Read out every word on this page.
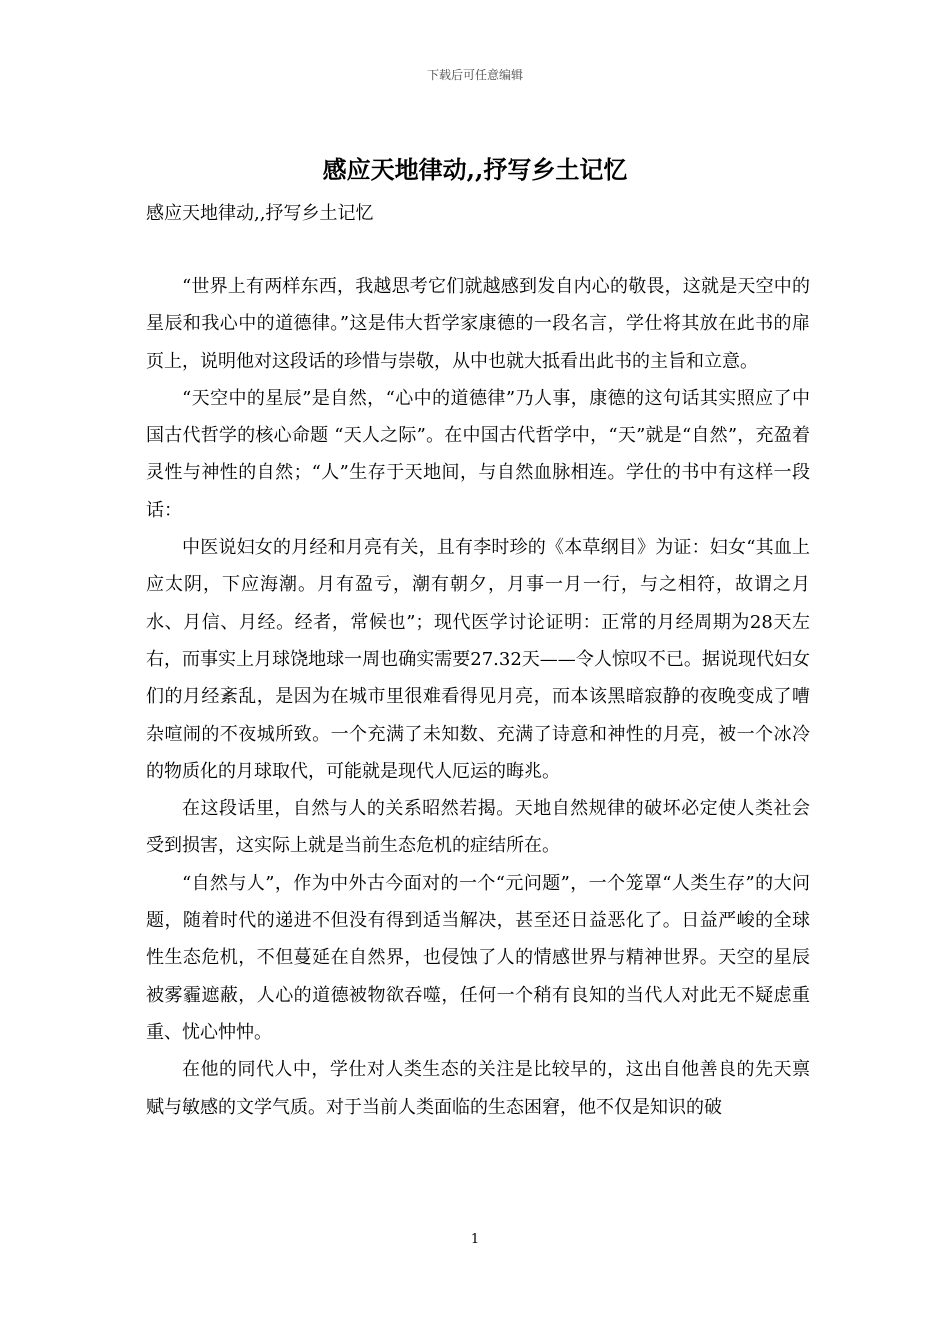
下载后可任意编辑
感应天地律动,,抒写乡土记忆
感应天地律动,,抒写乡土记忆

“世界上有两样东西，我越思考它们就越感到发自内心的敬畏，这就是天空中的星辰和我心中的道德律。”这是伟大哲学家康德的一段名言，学仕将其放在此书的扉页上，说明他对这段话的珍惜与崇敬，从中也就大抵看出此书的主旨和立意。

“天空中的星辰”是自然，“心中的道德律”乃人事，康德的这句话其实照应了中国古代哲学的核心命题 “天人之际”。在中国古代哲学中，“天”就是“自然”，充盈着灵性与神性的自然；“人”生存于天地间，与自然血脉相连。学仕的书中有这样一段话：

中医说妇女的月经和月亮有关，且有李时珍的《本草纲目》为证：妇女“其血上应太阴，下应海潮。月有盈亏，潮有朝夕，月事一月一行，与之相符，故谓之月水、月信、月经。经者，常候也”；现代医学讨论证明：正常的月经周期为28天左右，而事实上月球饶地球一周也确实需要27.32天——令人惊叹不已。据说现代妇女们的月经紊乱，是因为在城市里很难看得见月亮，而本该黑暗寂静的夜晚变成了嘈杂喧闹的不夜城所致。一个充满了未知数、充满了诗意和神性的月亮，被一个冰冷的物质化的月球取代，可能就是现代人厄运的晦兆。

在这段话里，自然与人的关系昭然若揭。天地自然规律的破坏必定使人类社会受到损害，这实际上就是当前生态危机的症结所在。

“自然与人”，作为中外古今面对的一个“元问题”，一个笼罩“人类生存”的大问题，随着时代的递进不但没有得到适当解决，甚至还日益恶化了。日益严峻的全球性生态危机，不但蔓延在自然界，也侵蚀了人的情感世界与精神世界。天空的星辰被雾霾遮蔽，人心的道德被物欲吞噬，任何一个稍有良知的当代人对此无不疑虑重重、忧心忡忡。

在他的同代人中，学仕对人类生态的关注是比较早的，这出自他善良的先天禀赋与敏感的文学气质。对于当前人类面临的生态困窘，他不仅是知识的破

1
